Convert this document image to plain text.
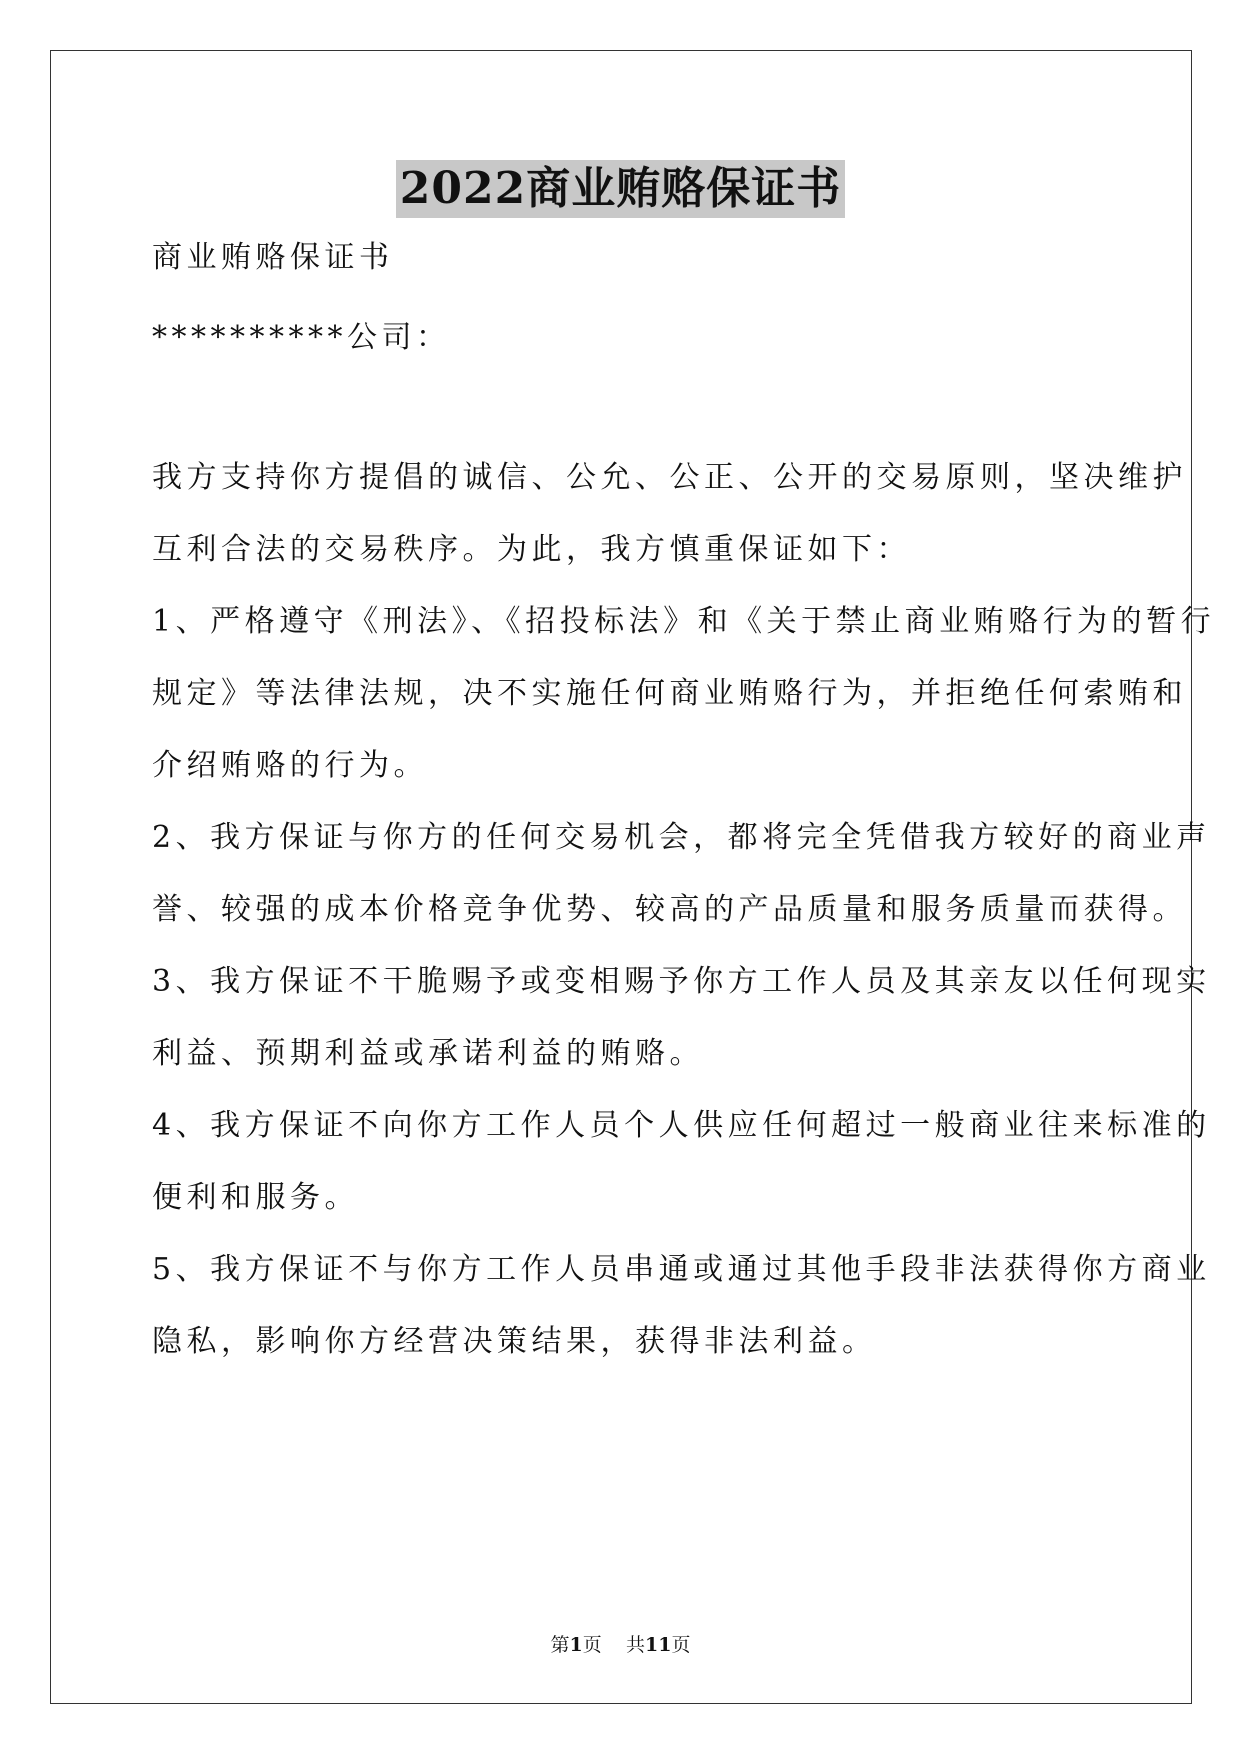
2022商业贿赂保证书
商业贿赂保证书
**********公司：
我方支持你方提倡的诚信、公允、公正、公开的交易原则，坚决维护
互利合法的交易秩序。为此，我方慎重保证如下：
1、严格遵守《刑法》、《招投标法》和《关于禁止商业贿赂行为的暂行
规定》等法律法规，决不实施任何商业贿赂行为，并拒绝任何索贿和
介绍贿赂的行为。
2、我方保证与你方的任何交易机会，都将完全凭借我方较好的商业声
誉、较强的成本价格竞争优势、较高的产品质量和服务质量而获得。
3、我方保证不干脆赐予或变相赐予你方工作人员及其亲友以任何现实
利益、预期利益或承诺利益的贿赂。
4、我方保证不向你方工作人员个人供应任何超过一般商业往来标准的
便利和服务。
5、我方保证不与你方工作人员串通或通过其他手段非法获得你方商业
隐私，影响你方经营决策结果，获得非法利益。
第1页 共11页
